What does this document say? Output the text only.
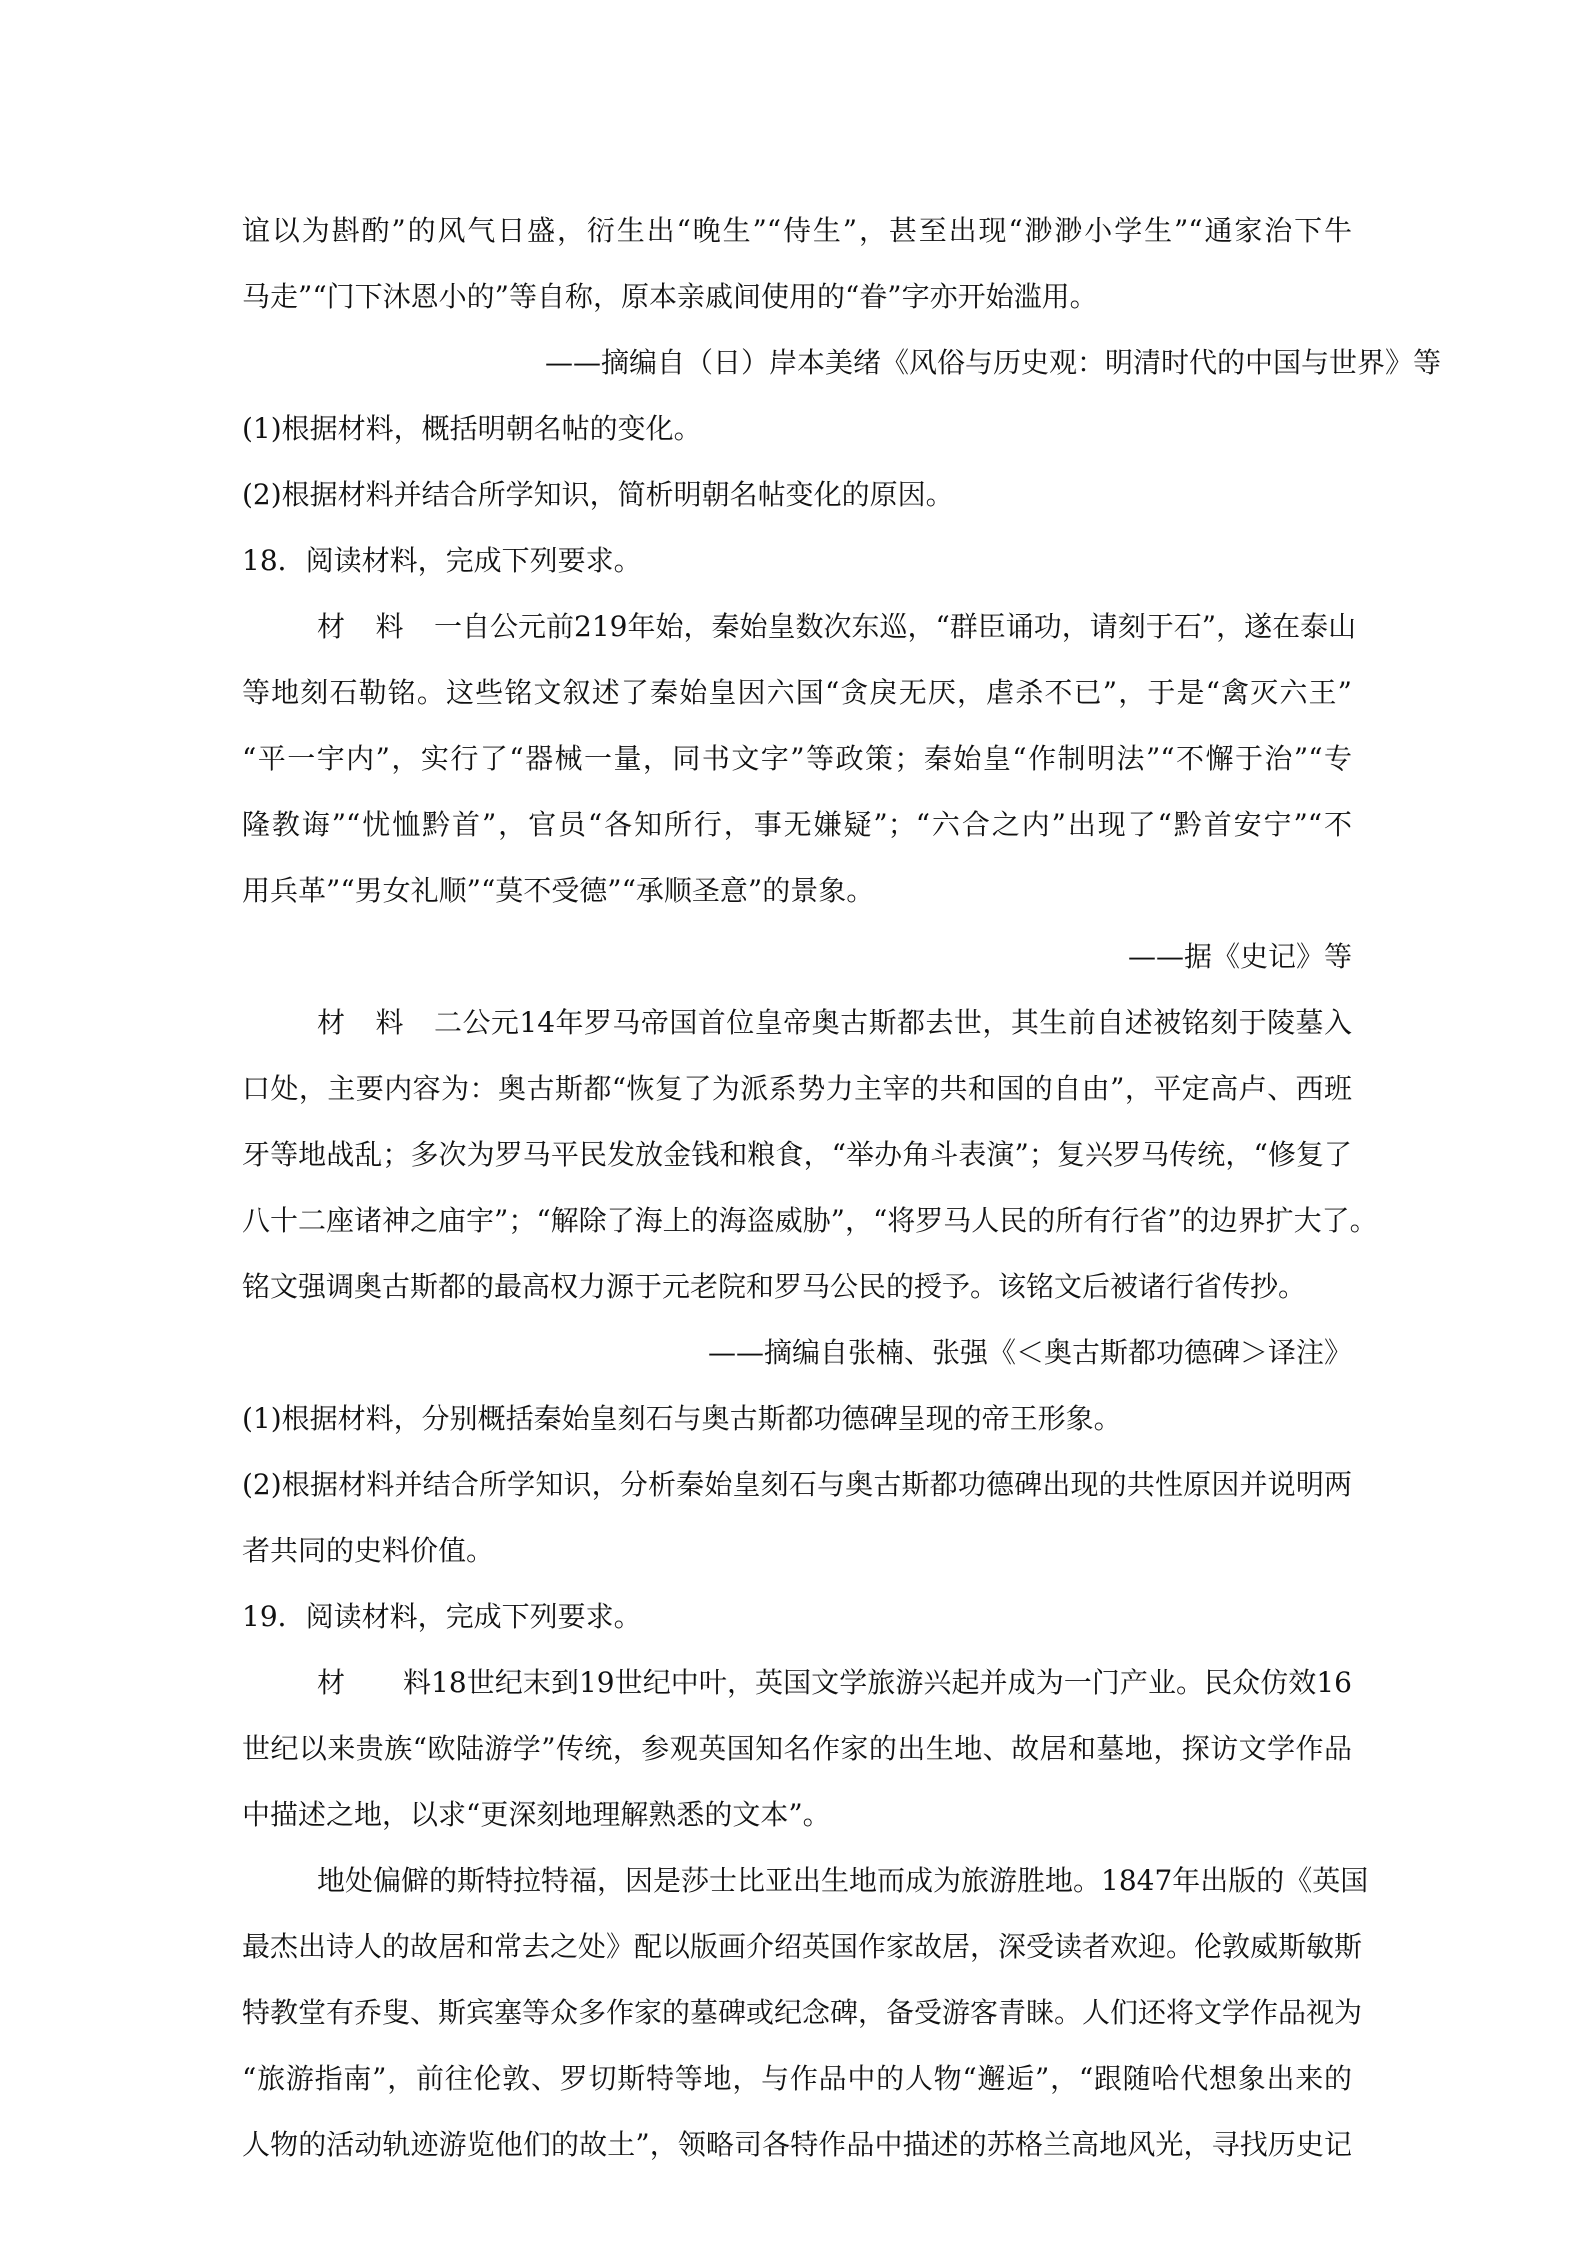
谊以为斟酌”的风气日盛，衍生出“晚生”“侍生”，甚至出现“渺渺小学生”“通家治下牛
马走”“门下沐恩小的”等自称，原本亲戚间使用的“眷”字亦开始滥用。
——摘编自（日）岸本美绪《风俗与历史观：明清时代的中国与世界》等
(1)根据材料，概括明朝名帖的变化。
(2)根据材料并结合所学知识，简析明朝名帖变化的原因。
18．阅读材料，完成下列要求。
材料一自公元前219年始，秦始皇数次东巡，“群臣诵功，请刻于石”，遂在泰山
等地刻石勒铭。这些铭文叙述了秦始皇因六国“贪戾无厌，虐杀不已”，于是“禽灭六王”
“平一宇内”，实行了“器械一量，同书文字”等政策；秦始皇“作制明法”“不懈于治”“专
隆教诲”“忧恤黔首”，官员“各知所行，事无嫌疑”；“六合之内”出现了“黔首安宁”“不
用兵革”“男女礼顺”“莫不受德”“承顺圣意”的景象。
——据《史记》等
材料二公元14年罗马帝国首位皇帝奥古斯都去世，其生前自述被铭刻于陵墓入
口处，主要内容为：奥古斯都“恢复了为派系势力主宰的共和国的自由”，平定高卢、西班
牙等地战乱；多次为罗马平民发放金钱和粮食，“举办角斗表演”；复兴罗马传统，“修复了
八十二座诸神之庙宇”；“解除了海上的海盗威胁”，“将罗马人民的所有行省”的边界扩大了。
铭文强调奥古斯都的最高权力源于元老院和罗马公民的授予。该铭文后被诸行省传抄。
——摘编自张楠、张强《＜奥古斯都功德碑＞译注》
(1)根据材料，分别概括秦始皇刻石与奥古斯都功德碑呈现的帝王形象。
(2)根据材料并结合所学知识，分析秦始皇刻石与奥古斯都功德碑出现的共性原因并说明两
者共同的史料价值。
19．阅读材料，完成下列要求。
材料18世纪末到19世纪中叶，英国文学旅游兴起并成为一门产业。民众仿效16
世纪以来贵族“欧陆游学”传统，参观英国知名作家的出生地、故居和墓地，探访文学作品
中描述之地，以求“更深刻地理解熟悉的文本”。
地处偏僻的斯特拉特福，因是莎士比亚出生地而成为旅游胜地。1847年出版的《英国
最杰出诗人的故居和常去之处》配以版画介绍英国作家故居，深受读者欢迎。伦敦威斯敏斯
特教堂有乔叟、斯宾塞等众多作家的墓碑或纪念碑，备受游客青睐。人们还将文学作品视为
“旅游指南”，前往伦敦、罗切斯特等地，与作品中的人物“邂逅”，“跟随哈代想象出来的
人物的活动轨迹游览他们的故土”，领略司各特作品中描述的苏格兰高地风光，寻找历史记
